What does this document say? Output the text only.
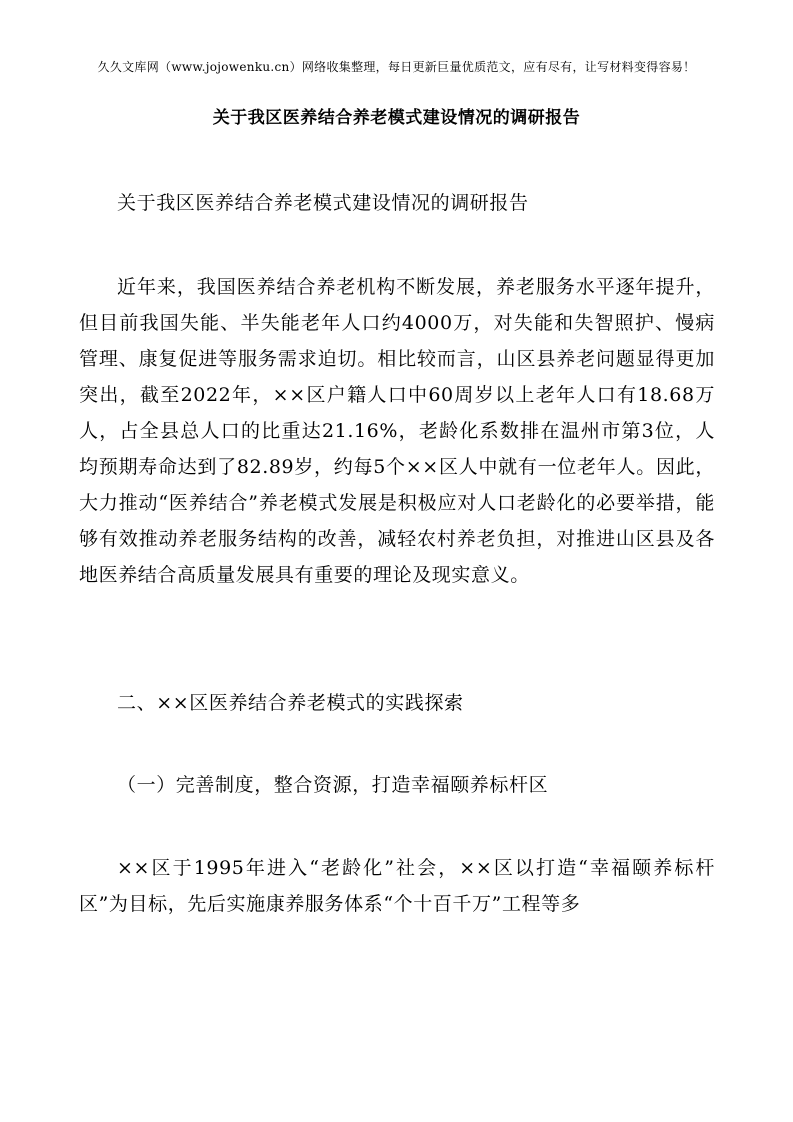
久久文库网（www.jojowenku.cn）网络收集整理，每日更新巨量优质范文，应有尽有，让写材料变得容易！
关于我区医养结合养老模式建设情况的调研报告
关于我区医养结合养老模式建设情况的调研报告
近年来，我国医养结合养老机构不断发展，养老服务水平逐年提升，但目前我国失能、半失能老年人口约4000万，对失能和失智照护、慢病管理、康复促进等服务需求迫切。相比较而言，山区县养老问题显得更加突出，截至2022年，××区户籍人口中60周岁以上老年人口有18.68万人，占全县总人口的比重达21.16%，老龄化系数排在温州市第3位，人均预期寿命达到了82.89岁，约每5个××区人中就有一位老年人。因此，大力推动“医养结合”养老模式发展是积极应对人口老龄化的必要举措，能够有效推动养老服务结构的改善，减轻农村养老负担，对推进山区县及各地医养结合高质量发展具有重要的理论及现实意义。
二、××区医养结合养老模式的实践探索
（一）完善制度，整合资源，打造幸福颐养标杆区
××区于1995年进入“老龄化”社会，××区以打造“幸福颐养标杆区”为目标，先后实施康养服务体系“个十百千万”工程等多
